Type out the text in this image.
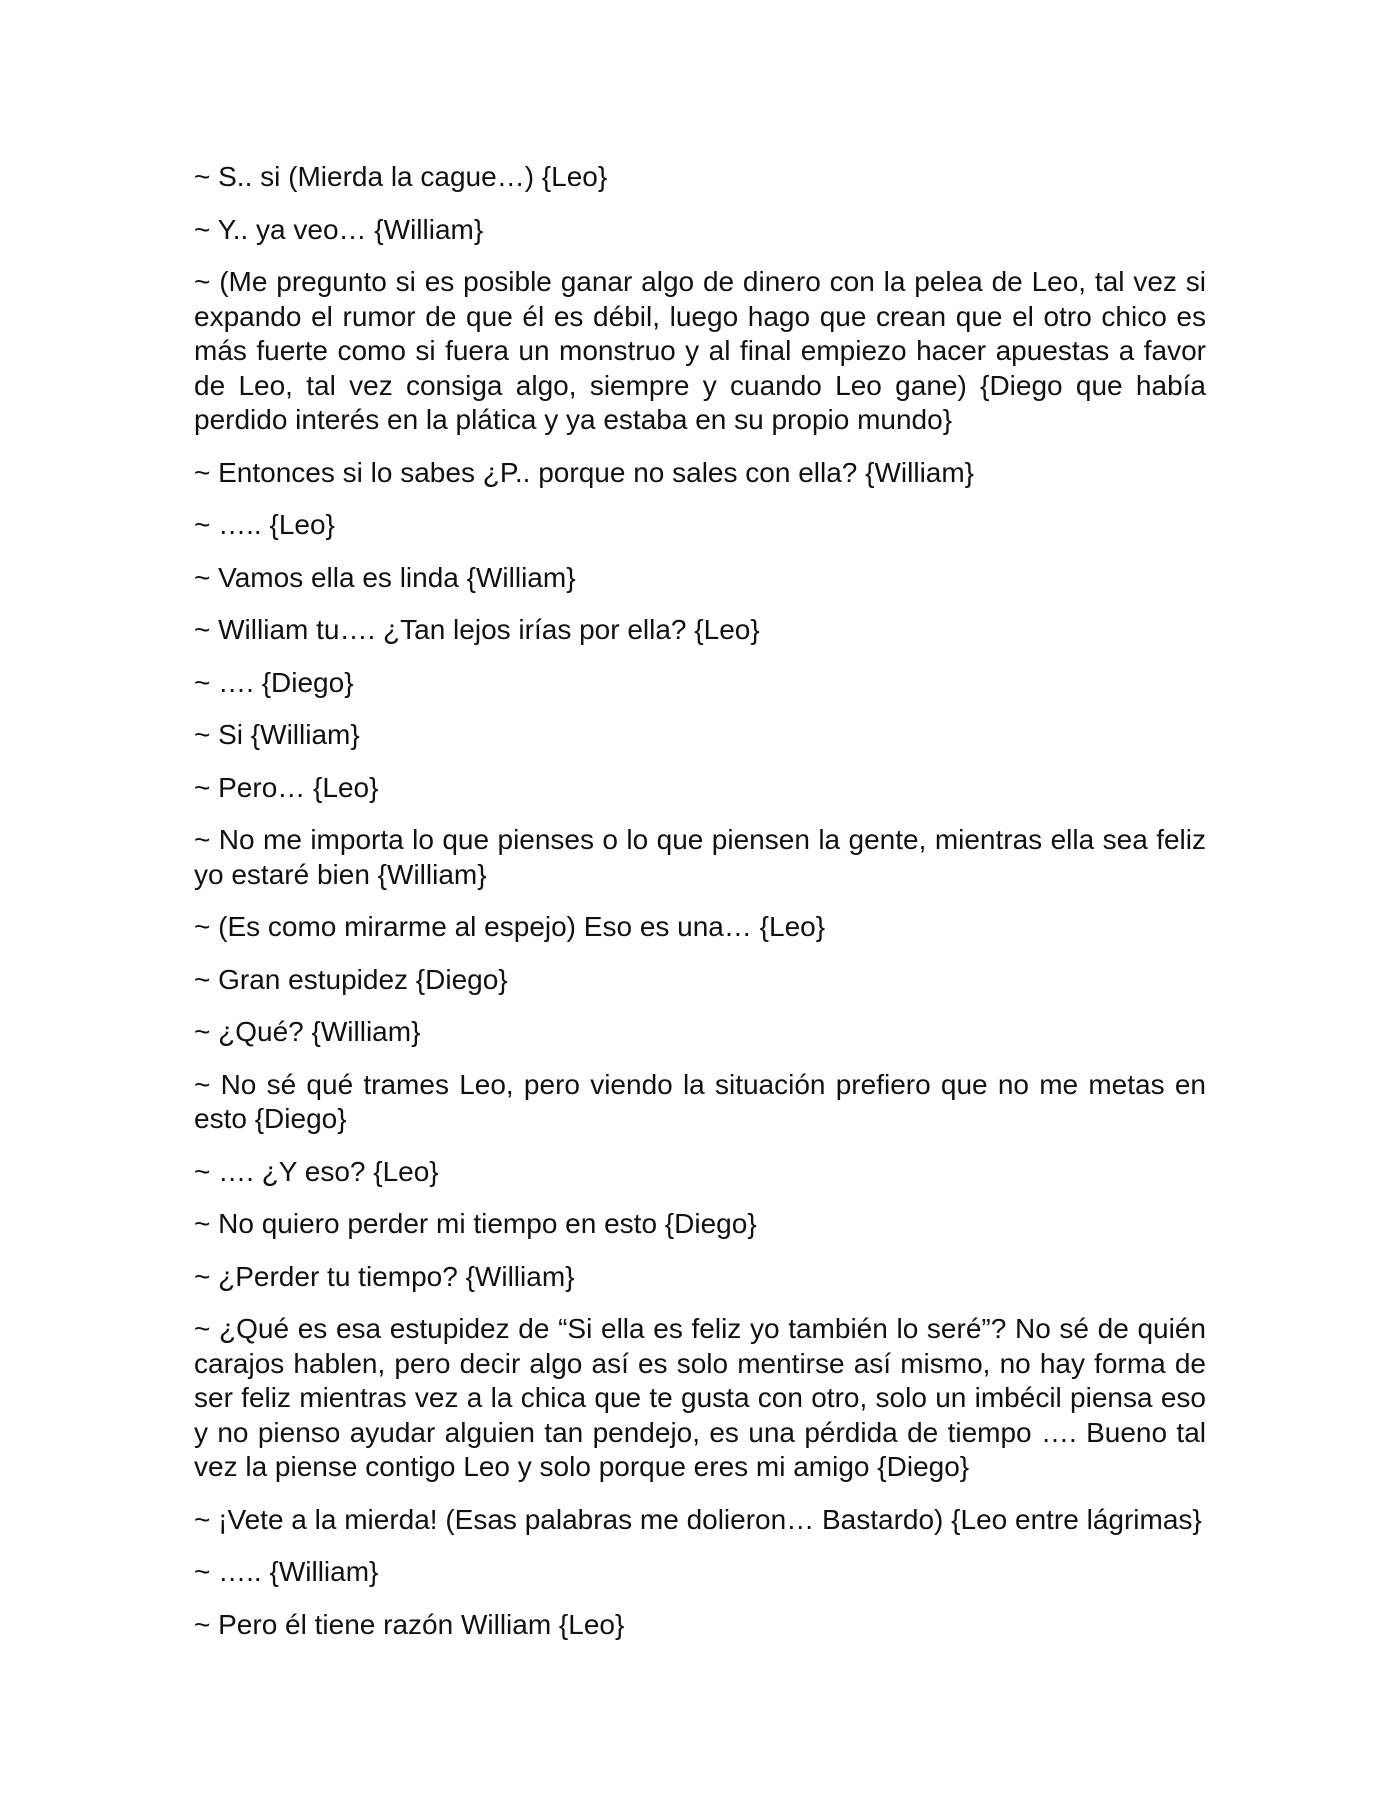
~ S.. si (Mierda la cague…) {Leo}

~ Y.. ya veo… {William}

~ (Me pregunto si es posible ganar algo de dinero con la pelea de Leo, tal vez si expando el rumor de que él es débil, luego hago que crean que el otro chico es más fuerte como si fuera un monstruo y al final empiezo hacer apuestas a favor de Leo, tal vez consiga algo, siempre y cuando Leo gane) {Diego que había perdido interés en la plática y ya estaba en su propio mundo}

~ Entonces si lo sabes ¿P.. porque no sales con ella? {William}

~ ….. {Leo}

~ Vamos ella es linda {William}

~ William tu…. ¿Tan lejos irías por ella? {Leo}

~ …. {Diego}

~ Si {William}

~ Pero… {Leo}

~ No me importa lo que pienses o lo que piensen la gente, mientras ella sea feliz yo estaré bien {William}

~ (Es como mirarme al espejo) Eso es una… {Leo}

~ Gran estupidez {Diego}

~ ¿Qué? {William}

~ No sé qué trames Leo, pero viendo la situación prefiero que no me metas en esto {Diego}

~ …. ¿Y eso? {Leo}

~ No quiero perder mi tiempo en esto {Diego}

~ ¿Perder tu tiempo? {William}

~ ¿Qué es esa estupidez de “Si ella es feliz yo también lo seré”? No sé de quién carajos hablen, pero decir algo así es solo mentirse así mismo, no hay forma de ser feliz mientras vez a la chica que te gusta con otro, solo un imbécil piensa eso y no pienso ayudar alguien tan pendejo, es una pérdida de tiempo …. Bueno tal vez la piense contigo Leo y solo porque eres mi amigo {Diego}

~ ¡Vete a la mierda! (Esas palabras me dolieron… Bastardo) {Leo entre lágrimas}

~ ….. {William}

~ Pero él tiene razón William {Leo}
